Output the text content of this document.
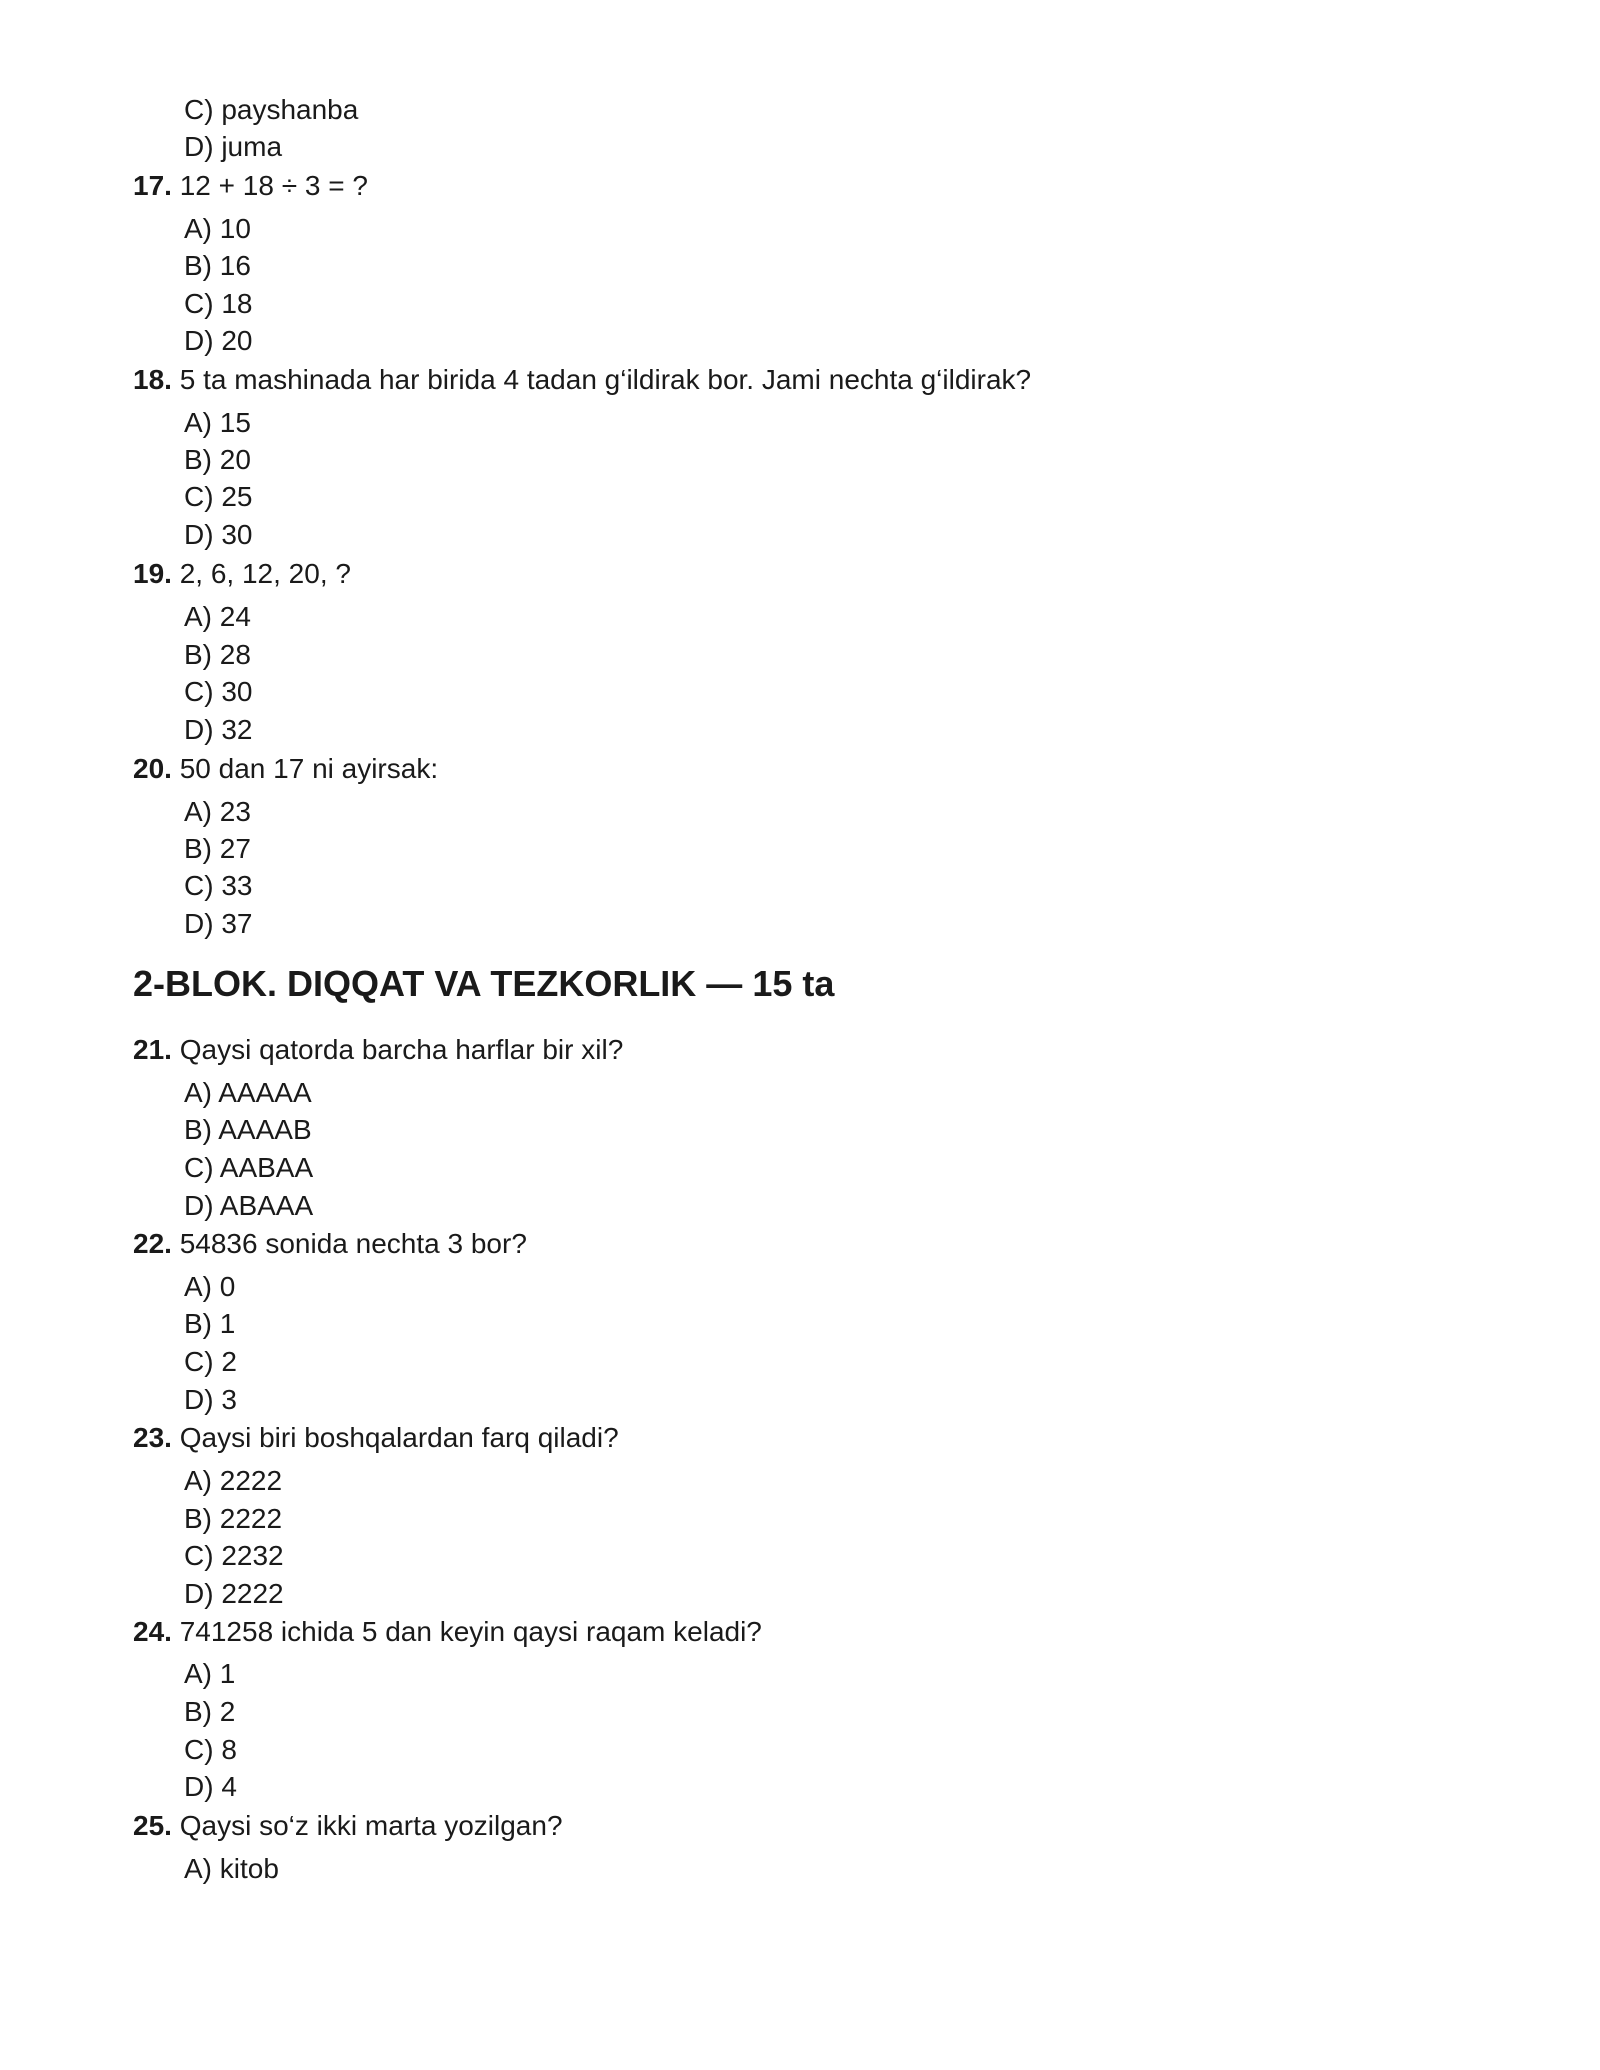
C) payshanba
D) juma
17. 12 + 18 ÷ 3 = ?
A) 10
B) 16
C) 18
D) 20
18. 5 ta mashinada har birida 4 tadan g‘ildirak bor. Jami nechta g‘ildirak?
A) 15
B) 20
C) 25
D) 30
19. 2, 6, 12, 20, ?
A) 24
B) 28
C) 30
D) 32
20. 50 dan 17 ni ayirsak:
A) 23
B) 27
C) 33
D) 37
2-BLOK. DIQQAT VA TEZKORLIK — 15 ta
21. Qaysi qatorda barcha harflar bir xil?
A) AAAAA
B) AAAAB
C) AABAA
D) ABAAA
22. 54836 sonida nechta 3 bor?
A) 0
B) 1
C) 2
D) 3
23. Qaysi biri boshqalardan farq qiladi?
A) 2222
B) 2222
C) 2232
D) 2222
24. 741258 ichida 5 dan keyin qaysi raqam keladi?
A) 1
B) 2
C) 8
D) 4
25. Qaysi so‘z ikki marta yozilgan?
A) kitob
